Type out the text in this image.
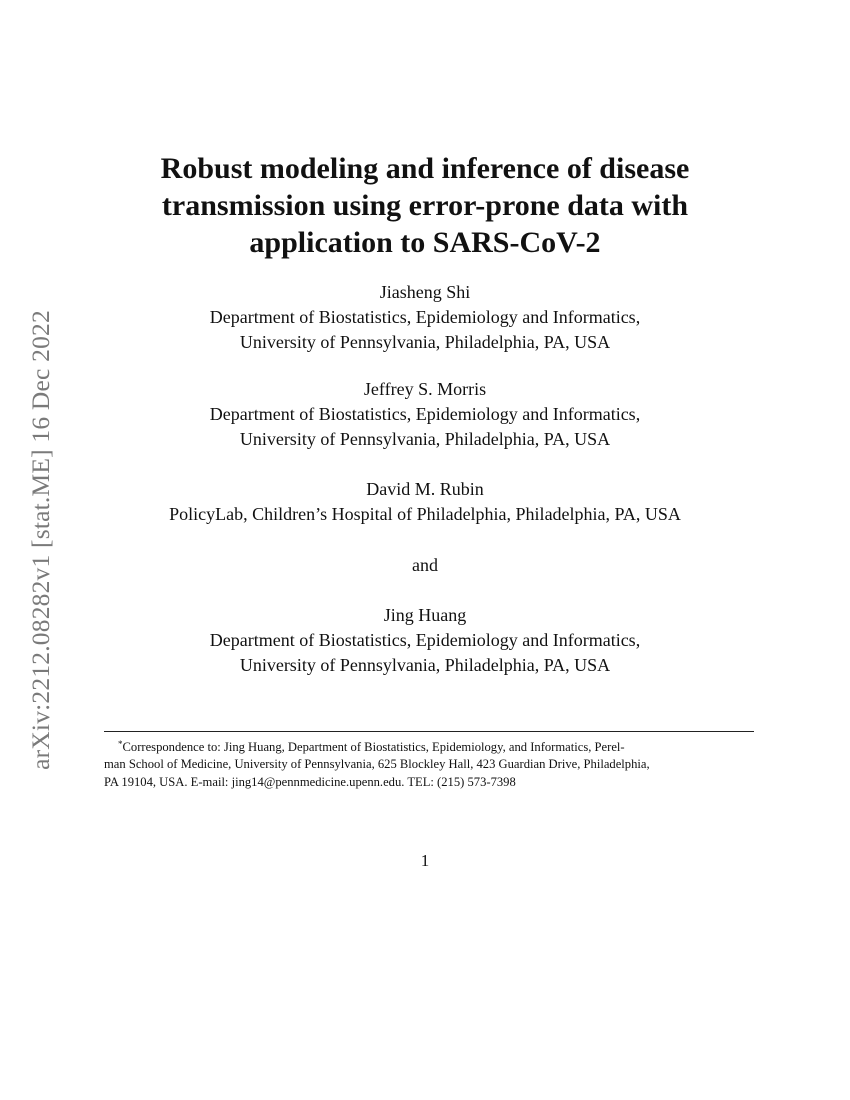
arXiv:2212.08282v1 [stat.ME] 16 Dec 2022
Robust modeling and inference of disease
transmission using error-prone data with
application to SARS-CoV-2
Jiasheng Shi
Department of Biostatistics, Epidemiology and Informatics,
University of Pennsylvania, Philadelphia, PA, USA
Jeffrey S. Morris
Department of Biostatistics, Epidemiology and Informatics,
University of Pennsylvania, Philadelphia, PA, USA
David M. Rubin
PolicyLab, Children’s Hospital of Philadelphia, Philadelphia, PA, USA
and
Jing Huang
Department of Biostatistics, Epidemiology and Informatics,
University of Pennsylvania, Philadelphia, PA, USA
*Correspondence to: Jing Huang, Department of Biostatistics, Epidemiology, and Informatics, Perel-
man School of Medicine, University of Pennsylvania, 625 Blockley Hall, 423 Guardian Drive, Philadelphia,
PA 19104, USA. E-mail: jing14@pennmedicine.upenn.edu. TEL: (215) 573-7398
1
